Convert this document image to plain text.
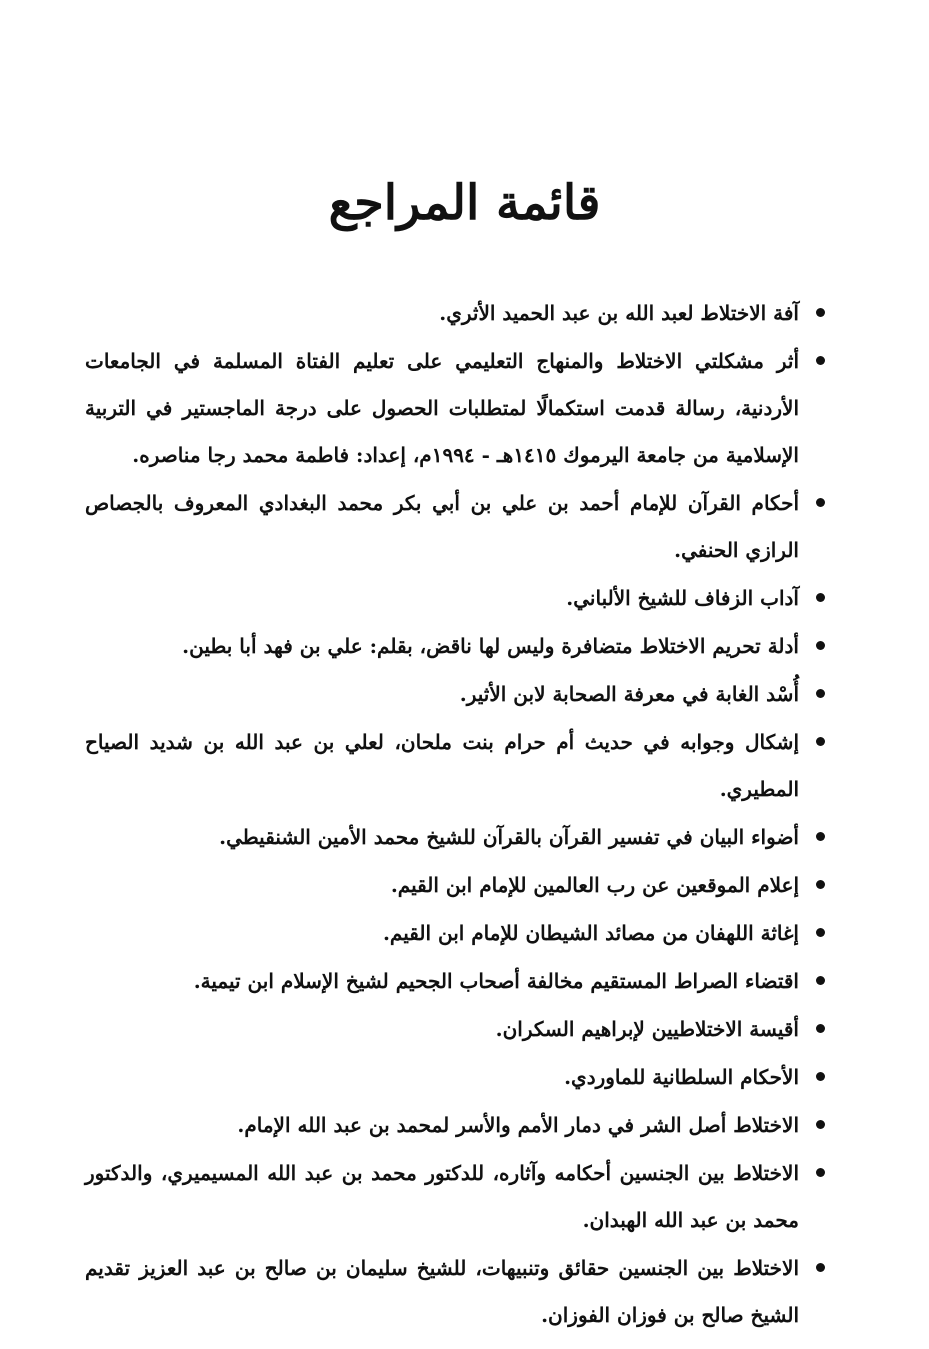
قائمة المراجع
آفة الاختلاط لعبد الله بن عبد الحميد الأثري.
أثر مشكلتي الاختلاط والمنهاج التعليمي على تعليم الفتاة المسلمة في الجامعات الأردنية، رسالة قدمت استكمالًا لمتطلبات الحصول على درجة الماجستير في التربية الإسلامية من جامعة اليرموك ١٤١٥هـ - ١٩٩٤م، إعداد: فاطمة محمد رجا مناصره.
أحكام القرآن للإمام أحمد بن علي بن أبي بكر محمد البغدادي المعروف بالجصاص الرازي الحنفي.
آداب الزفاف للشيخ الألباني.
أدلة تحريم الاختلاط متضافرة وليس لها ناقض، بقلم: علي بن فهد أبا بطين.
أُسْد الغابة في معرفة الصحابة لابن الأثير.
إشكال وجوابه في حديث أم حرام بنت ملحان، لعلي بن عبد الله بن شديد الصياح المطيري.
أضواء البيان في تفسير القرآن بالقرآن للشيخ محمد الأمين الشنقيطي.
إعلام الموقعين عن رب العالمين للإمام ابن القيم.
إغاثة اللهفان من مصائد الشيطان للإمام ابن القيم.
اقتضاء الصراط المستقيم مخالفة أصحاب الجحيم لشيخ الإسلام ابن تيمية.
أقيسة الاختلاطيين لإبراهيم السكران.
الأحكام السلطانية للماوردي.
الاختلاط أصل الشر في دمار الأمم والأسر لمحمد بن عبد الله الإمام.
الاختلاط بين الجنسين أحكامه وآثاره، للدكتور محمد بن عبد الله المسيميري، والدكتور محمد بن عبد الله الهبدان.
الاختلاط بين الجنسين حقائق وتنبيهات، للشيخ سليمان بن صالح بن عبد العزيز تقديم الشيخ صالح بن فوزان الفوزان.
